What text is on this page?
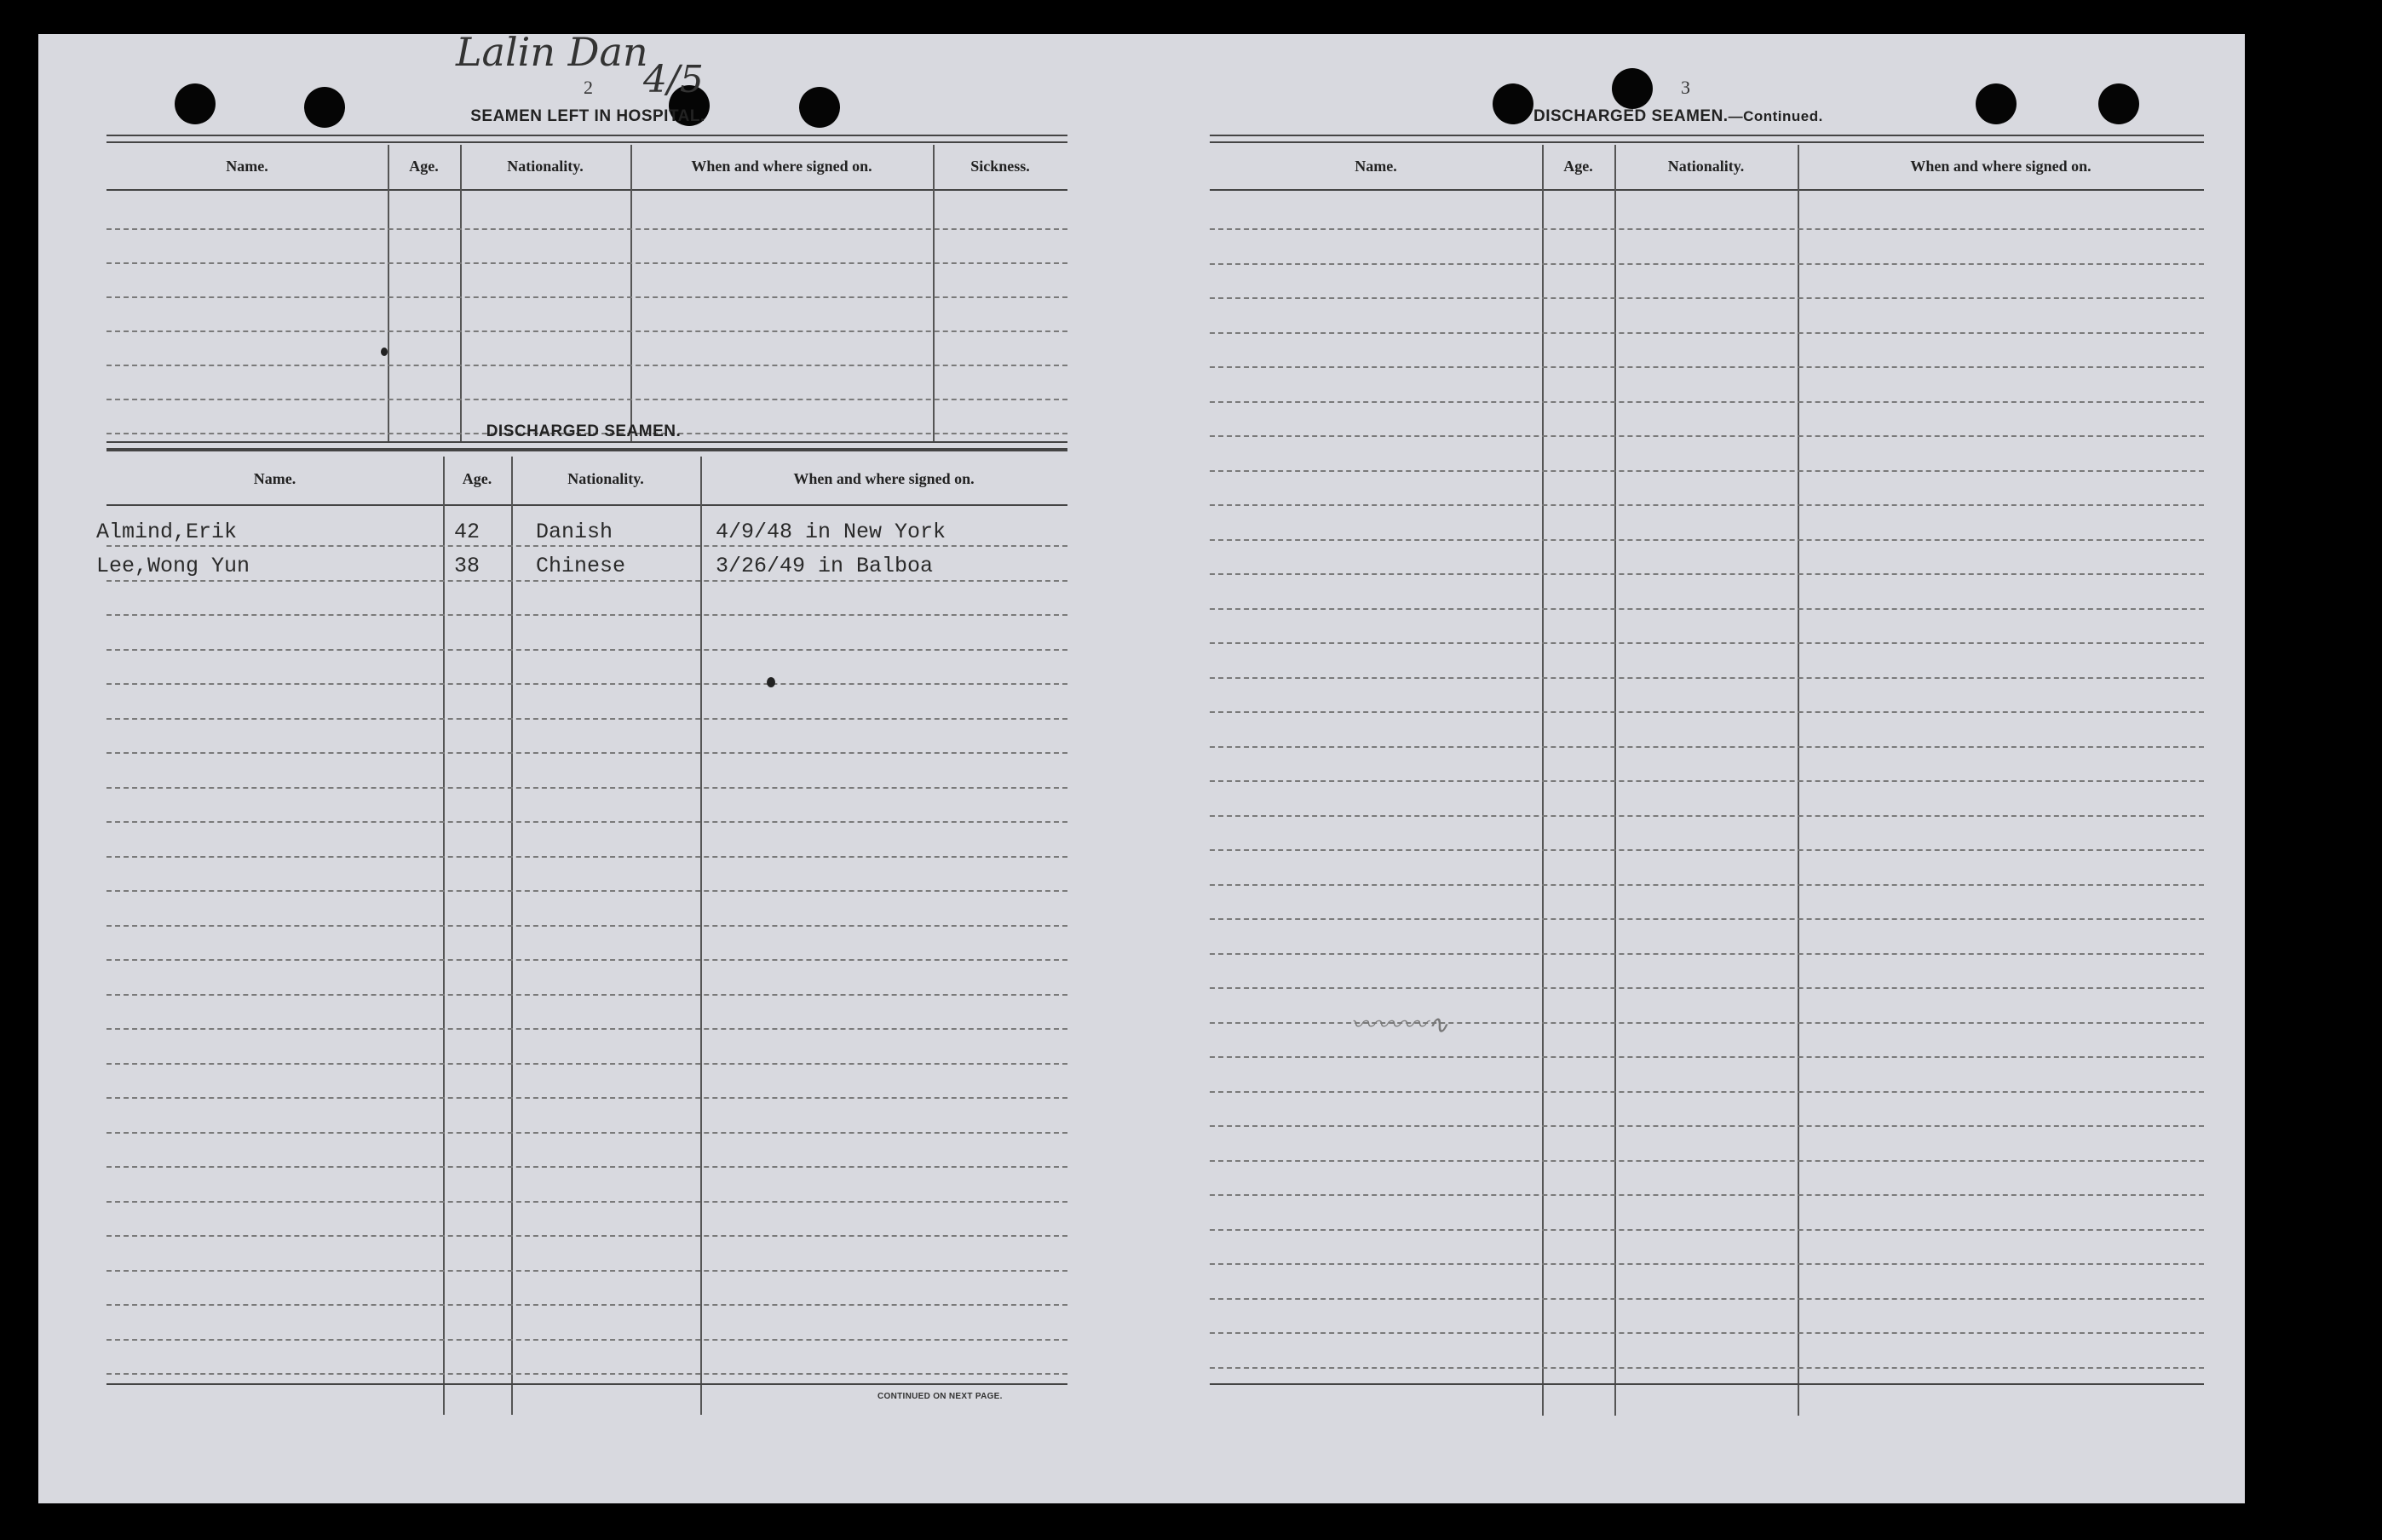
Lalin Dan
4/5
2
SEAMEN LEFT IN HOSPITAL.
Name.	Age.	Nationality.	When and where signed on.	Sickness.
DISCHARGED SEAMEN.
Name.	Age.	Nationality.	When and where signed on.
Almind,Erik	42	Danish	4/9/48 in New York
Lee,Wong Yun	38	Chinese	3/26/49 in Balboa
CONTINUED ON NEXT PAGE.
3
DISCHARGED SEAMEN.—Continued.
Name.	Age.	Nationality.	When and where signed on.
〰〰〰∿
